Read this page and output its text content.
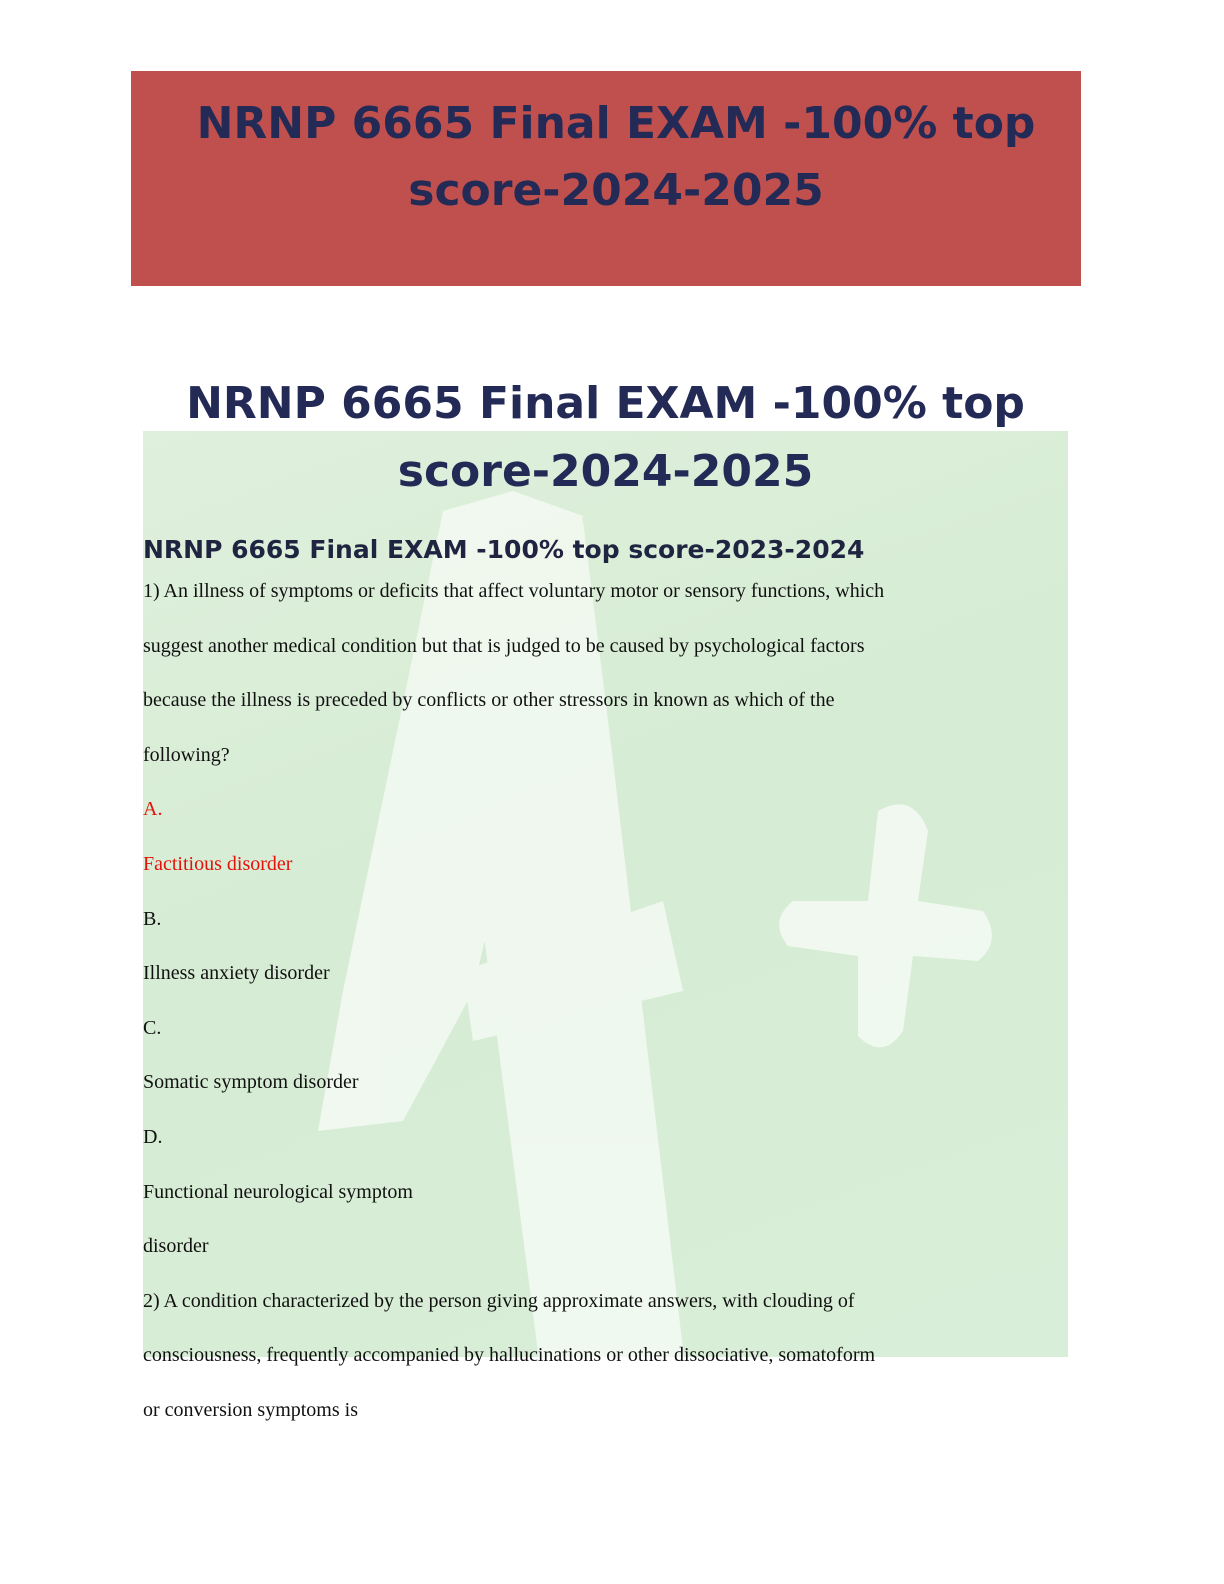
NRNP 6665 Final EXAM -100% top
score-2024-2025
NRNP 6665 Final EXAM -100% top
score-2024-2025
NRNP 6665 Final EXAM -100% top score-2023-2024

1) An illness of symptoms or deficits that affect voluntary motor or sensory functions, which

suggest another medical condition but that is judged to be caused by psychological factors

because the illness is preceded by conflicts or other stressors in known as which of the

following?

A.

Factitious disorder

B.

Illness anxiety disorder

C.

Somatic symptom disorder

D.

Functional neurological symptom

disorder

2) A condition characterized by the person giving approximate answers, with clouding of

consciousness, frequently accompanied by hallucinations or other dissociative, somatoform

or conversion symptoms is
